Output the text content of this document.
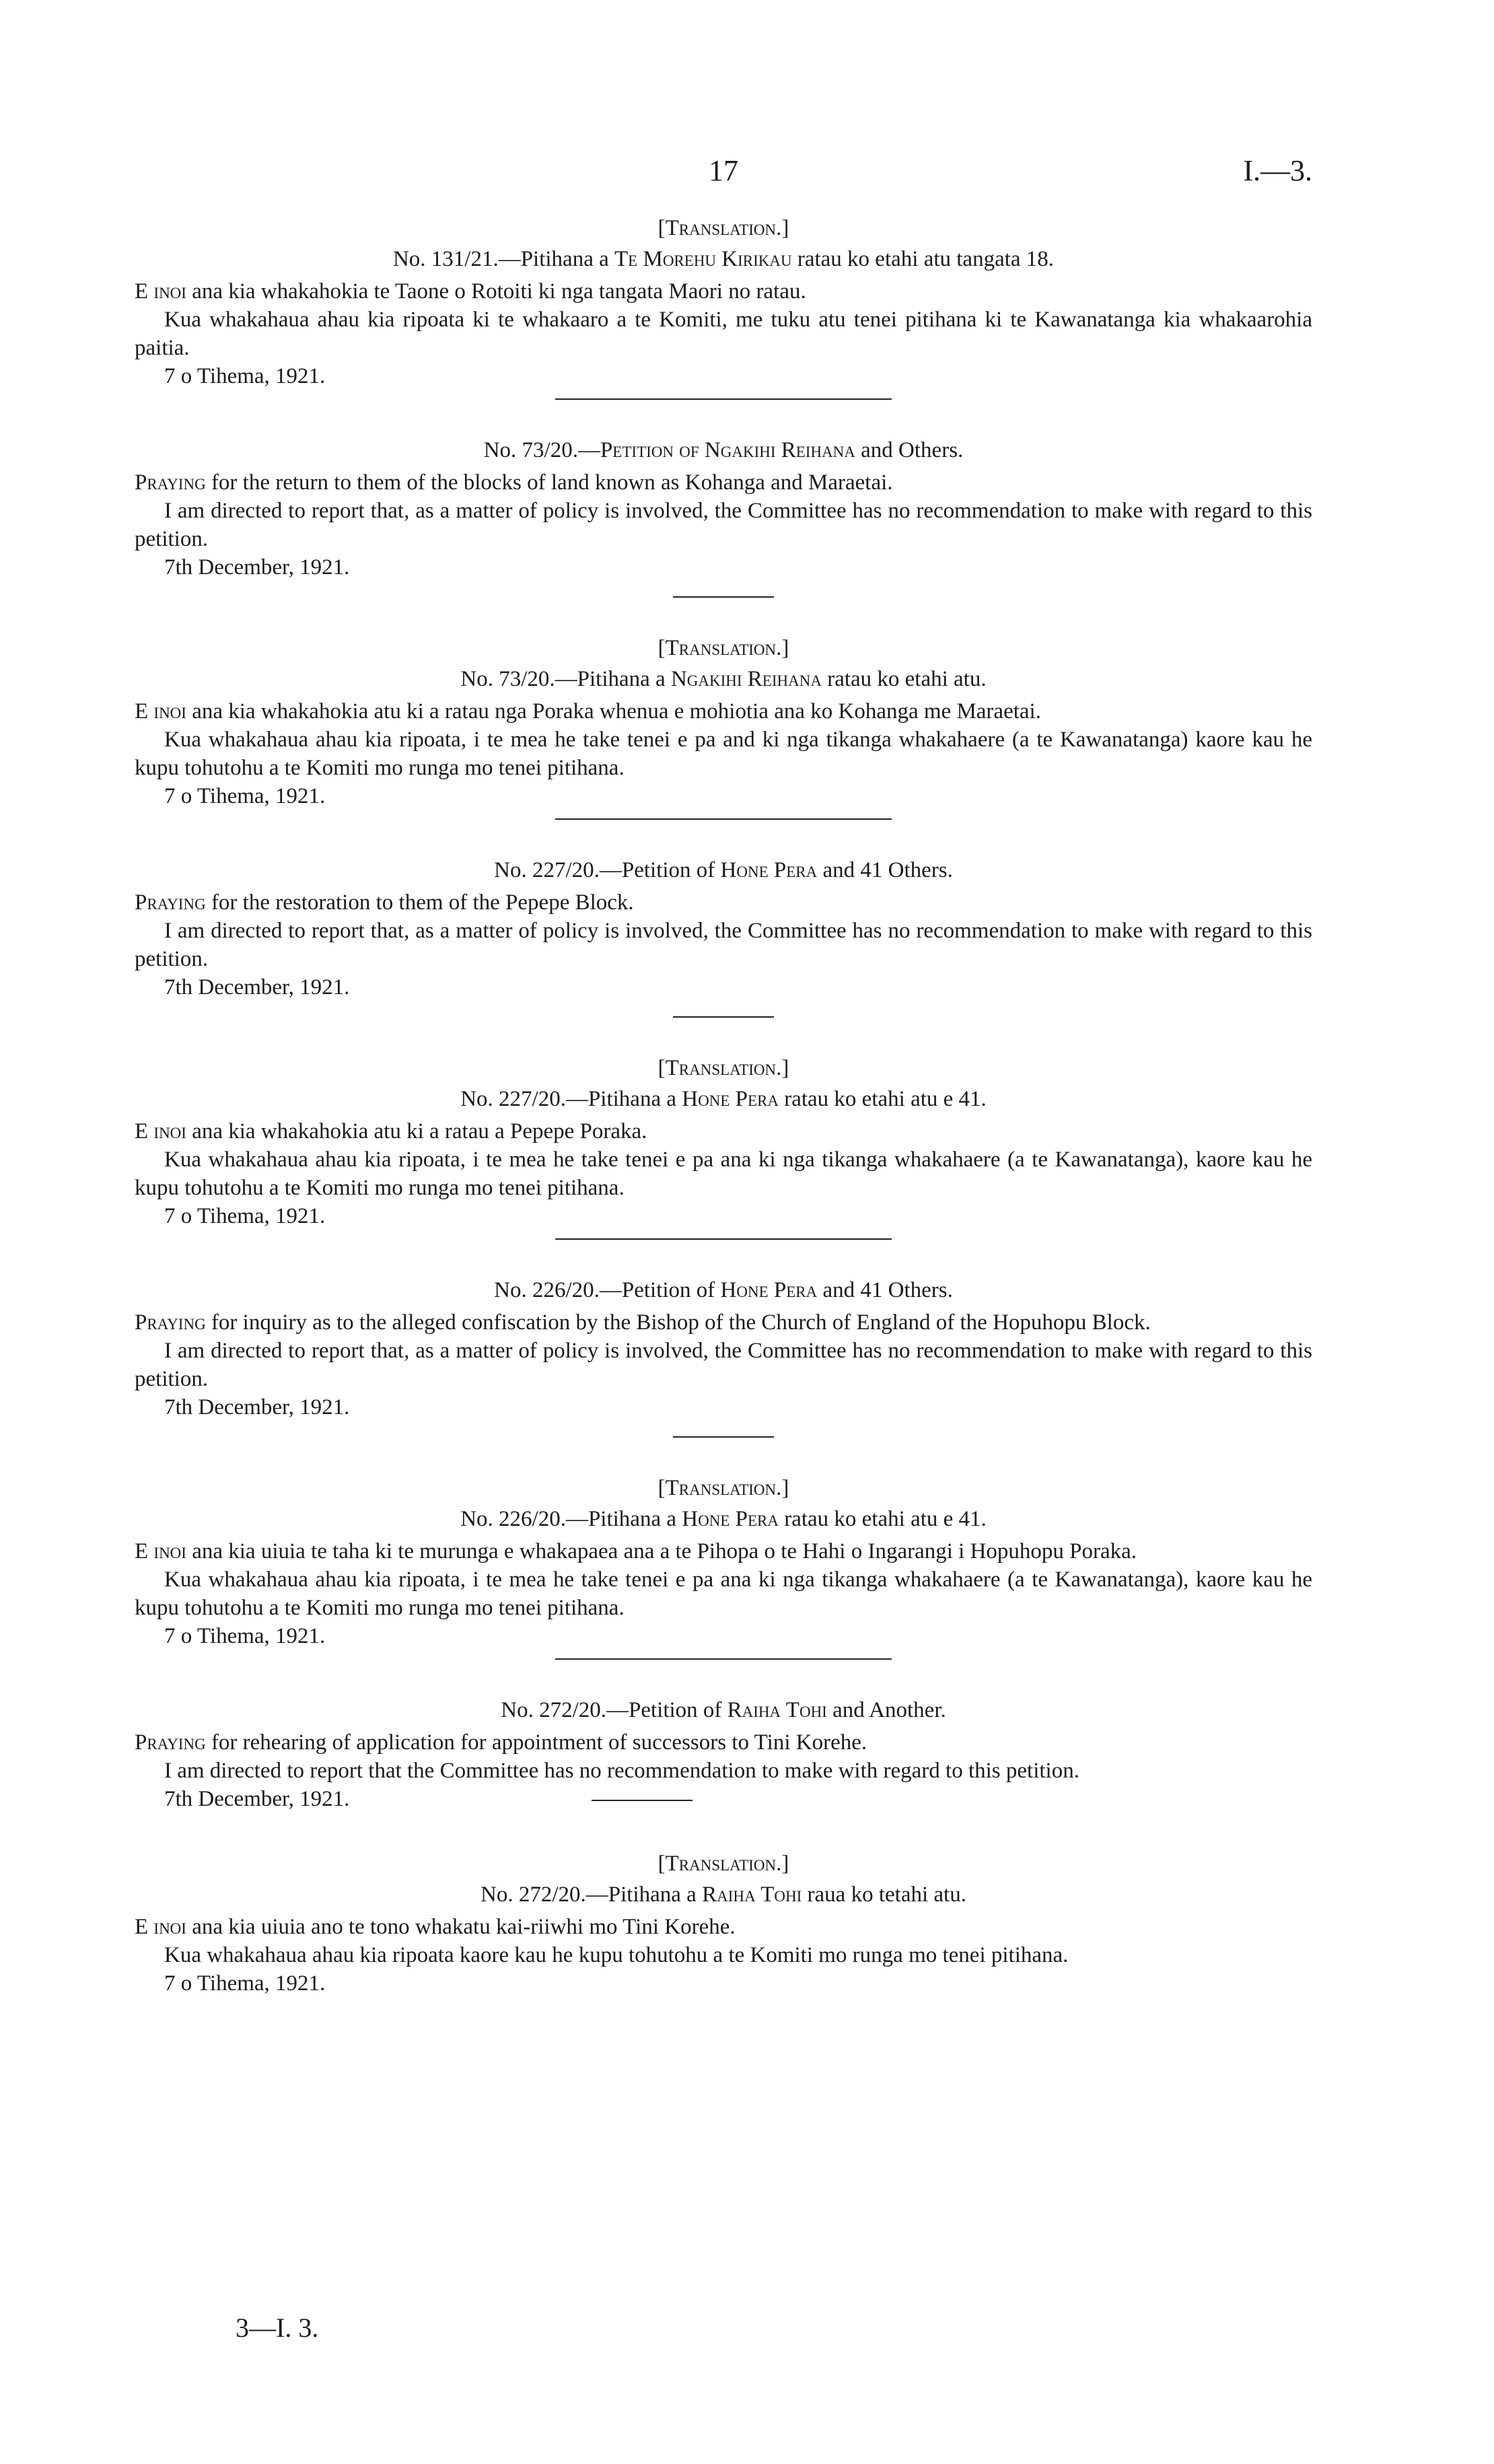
17	I.—3.
[Translation.]
No. 131/21.—Pitihana a Te Morehu Kirikau ratau ko etahi atu tangata 18.

E inoi ana kia whakahokia te Taone o Rotoiti ki nga tangata Maori no ratau.

Kua whakahaua ahau kia ripoata ki te whakaaro a te Komiti, me tuku atu tenei pitihana ki te Kawanatanga kia whakaarohia paitia.

7 o Tihema, 1921.
No. 73/20.—Petition of Ngakihi Reihana and Others.

Praying for the return to them of the blocks of land known as Kohanga and Maraetai.

I am directed to report that, as a matter of policy is involved, the Committee has no recommendation to make with regard to this petition.

7th December, 1921.
[Translation.]
No. 73/20.—Pitihana a Ngakihi Reihana ratau ko etahi atu.

E inoi ana kia whakahokia atu ki a ratau nga Poraka whenua e mohiotia ana ko Kohanga me Maraetai.

Kua whakahaua ahau kia ripoata, i te mea he take tenei e pa and ki nga tikanga whakahaere (a te Kawanatanga) kaore kau he kupu tohutohu a te Komiti mo runga mo tenei pitihana.

7 o Tihema, 1921.
No. 227/20.—Petition of Hone Pera and 41 Others.

Praying for the restoration to them of the Pepepe Block.

I am directed to report that, as a matter of policy is involved, the Committee has no recommendation to make with regard to this petition.

7th December, 1921.
[Translation.]
No. 227/20.—Pitihana a Hone Pera ratau ko etahi atu e 41.

E inoi ana kia whakahokia atu ki a ratau a Pepepe Poraka.

Kua whakahaua ahau kia ripoata, i te mea he take tenei e pa ana ki nga tikanga whakahaere (a te Kawanatanga), kaore kau he kupu tohutohu a te Komiti mo runga mo tenei pitihana.

7 o Tihema, 1921.
No. 226/20.—Petition of Hone Pera and 41 Others.

Praying for inquiry as to the alleged confiscation by the Bishop of the Church of England of the Hopuhopu Block.

I am directed to report that, as a matter of policy is involved, the Committee has no recommendation to make with regard to this petition.

7th December, 1921.
[Translation.]
No. 226/20.—Pitihana a Hone Pera ratau ko etahi atu e 41.

E inoi ana kia uiuia te taha ki te murunga e whakapaea ana a te Pihopa o te Hahi o Ingarangi i Hopuhopu Poraka.

Kua whakahaua ahau kia ripoata, i te mea he take tenei e pa ana ki nga tikanga whakahaere (a te Kawanatanga), kaore kau he kupu tohutohu a te Komiti mo runga mo tenei pitihana.

7 o Tihema, 1921.
No. 272/20.—Petition of Raiha Tohi and Another.

Praying for rehearing of application for appointment of successors to Tini Korehe.

I am directed to report that the Committee has no recommendation to make with regard to this petition.

7th December, 1921.
[Translation.]
No. 272/20.—Pitihana a Raiha Tohi raua ko tetahi atu.

E inoi ana kia uiuia ano te tono whakatu kai-riiwhi mo Tini Korehe.

Kua whakahaua ahau kia ripoata kaore kau he kupu tohutohu a te Komiti mo runga mo tenei pitihana.

7 o Tihema, 1921.
3—I. 3.
